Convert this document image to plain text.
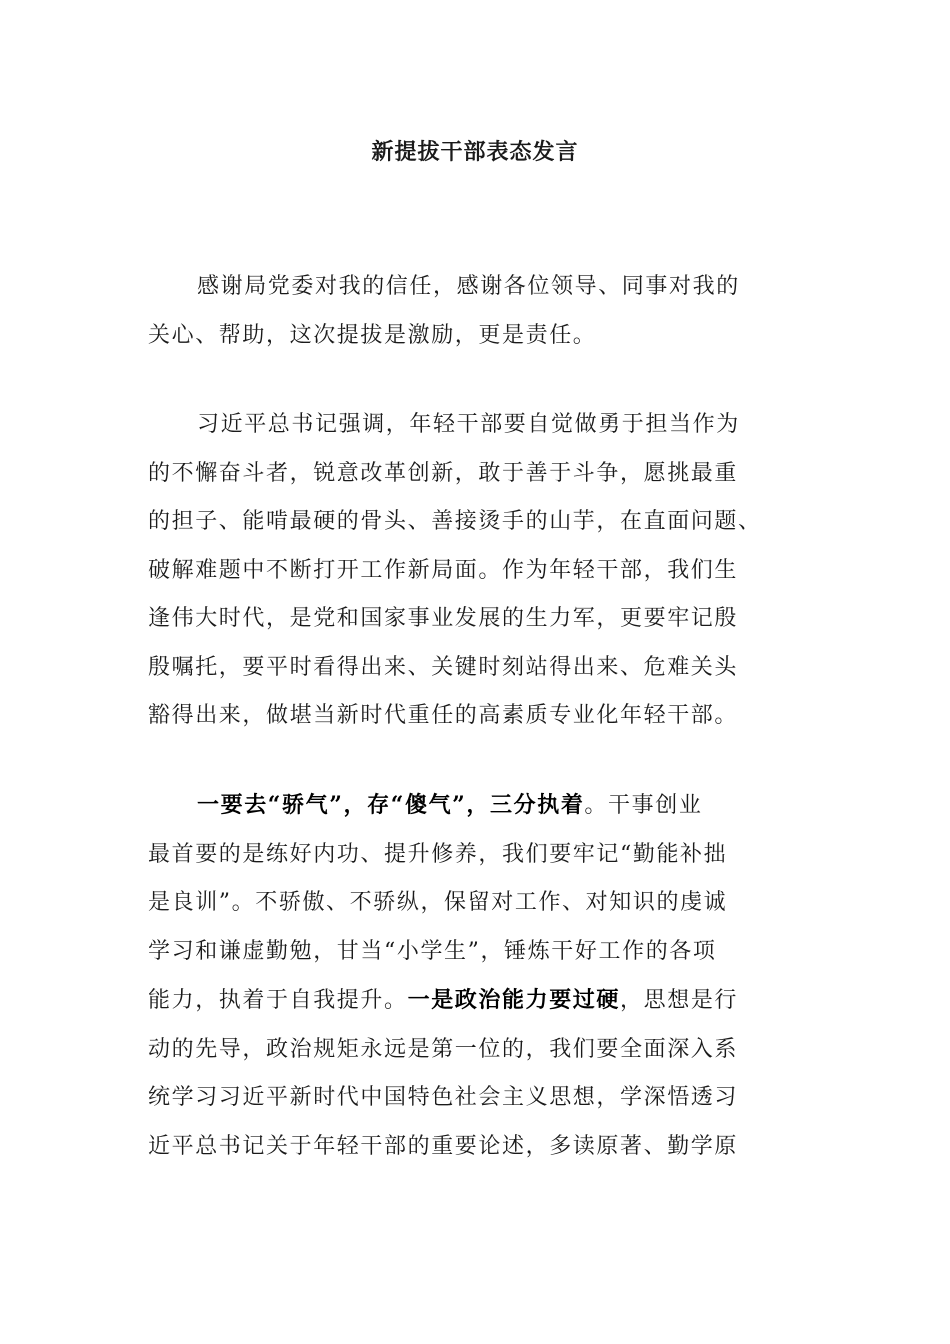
新提拔干部表态发言
感谢局党委对我的信任，感谢各位领导、同事对我的
关心、帮助，这次提拔是激励，更是责任。
习近平总书记强调，年轻干部要自觉做勇于担当作为
的不懈奋斗者，锐意改革创新，敢于善于斗争，愿挑最重
的担子、能啃最硬的骨头、善接烫手的山芋，在直面问题、
破解难题中不断打开工作新局面。作为年轻干部，我们生
逢伟大时代，是党和国家事业发展的生力军，更要牢记殷
殷嘱托，要平时看得出来、关键时刻站得出来、危难关头
豁得出来，做堪当新时代重任的高素质专业化年轻干部。
一要去“骄气”，存“傻气”，三分执着。干事创业
最首要的是练好内功、提升修养，我们要牢记“勤能补拙
是良训”。不骄傲、不骄纵，保留对工作、对知识的虔诚
学习和谦虚勤勉，甘当“小学生”，锤炼干好工作的各项
能力，执着于自我提升。一是政治能力要过硬，思想是行
动的先导，政治规矩永远是第一位的，我们要全面深入系
统学习习近平新时代中国特色社会主义思想，学深悟透习
近平总书记关于年轻干部的重要论述，多读原著、勤学原
